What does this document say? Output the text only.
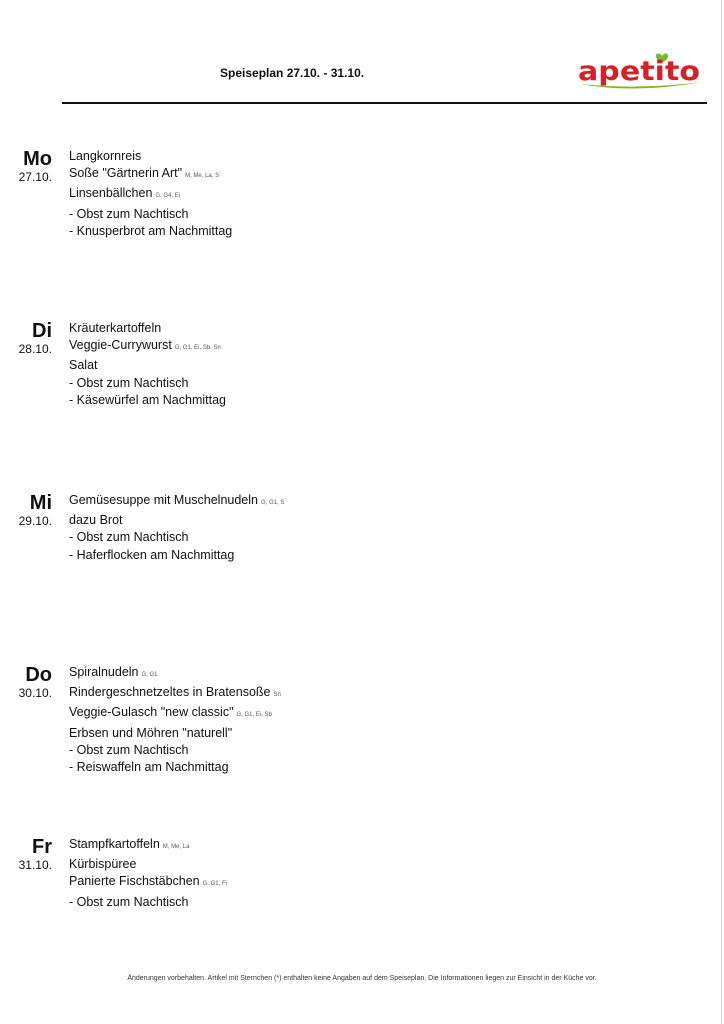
Speiseplan 27.10. - 31.10.	apetito
Mo
27.10.
Langkornreis
Soße "Gärtnerin Art" M, Me, La, S
Linsenbällchen G, G4, Ei
- Obst zum Nachtisch
- Knusperbrot am Nachmittag
Di
28.10.
Kräuterkartoffeln
Veggie-Currywurst G, G1, Ei, Sb, Sn
Salat
- Obst zum Nachtisch
- Käsewürfel am Nachmittag
Mi
29.10.
Gemüsesuppe mit Muschelnudeln G, G1, S
dazu Brot
- Obst zum Nachtisch
- Haferflocken am Nachmittag
Do
30.10.
Spiralnudeln G, G1
Rindergeschnetzeltes in Bratensoße Sn
Veggie-Gulasch "new classic" G, G1, Ei, Sb
Erbsen und Möhren "naturell"
- Obst zum Nachtisch
- Reiswaffeln am Nachmittag
Fr
31.10.
Stampfkartoffeln M, Me, La
Kürbispüree
Panierte Fischstäbchen G, G1, Fi
- Obst zum Nachtisch
Änderungen vorbehalten. Artikel mit Sternchen (*) enthalten keine Angaben auf dem Speiseplan. Die Informationen liegen zur Einsicht in der Küche vor.
